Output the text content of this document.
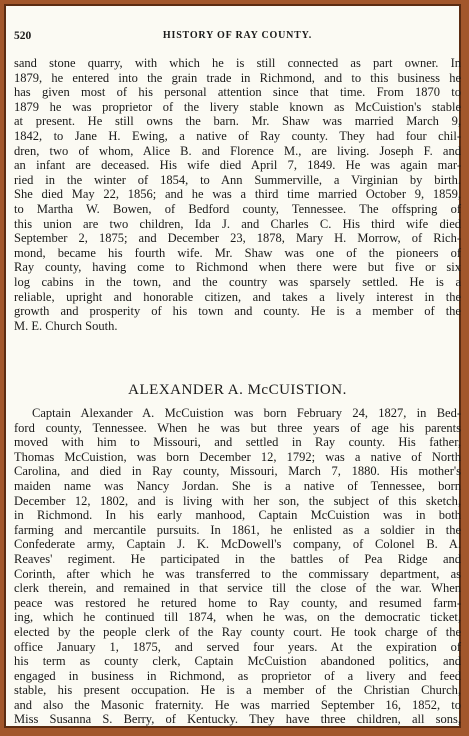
520	HISTORY OF RAY COUNTY.
sand stone quarry, with which he is still connected as part owner. In
1879, he entered into the grain trade in Richmond, and to this business he
has given most of his personal attention since that time. From 1870 to
1879 he was proprietor of the livery stable known as McCuistion's stable
at present. He still owns the barn. Mr. Shaw was married March 9,
1842, to Jane H. Ewing, a native of Ray county. They had four chil-
dren, two of whom, Alice B. and Florence M., are living. Joseph F. and
an infant are deceased. His wife died April 7, 1849. He was again mar-
ried in the winter of 1854, to Ann Summerville, a Virginian by birth.
She died May 22, 1856; and he was a third time married October 9, 1859,
to Martha W. Bowen, of Bedford county, Tennessee. The offspring of
this union are two children, Ida J. and Charles C. His third wife died
September 2, 1875; and December 23, 1878, Mary H. Morrow, of Rich-
mond, became his fourth wife. Mr. Shaw was one of the pioneers of
Ray county, having come to Richmond when there were but five or six
log cabins in the town, and the country was sparsely settled. He is a
reliable, upright and honorable citizen, and takes a lively interest in the
growth and prosperity of his town and county. He is a member of the
M. E. Church South.
ALEXANDER A. McCUISTION.
Captain Alexander A. McCuistion was born February 24, 1827, in Bed-
ford county, Tennessee. When he was but three years of age his parents
moved with him to Missouri, and settled in Ray county. His father,
Thomas McCuistion, was born December 12, 1792; was a native of North
Carolina, and died in Ray county, Missouri, March 7, 1880. His mother's
maiden name was Nancy Jordan. She is a native of Tennessee, born
December 12, 1802, and is living with her son, the subject of this sketch,
in Richmond. In his early manhood, Captain McCuistion was in both
farming and mercantile pursuits. In 1861, he enlisted as a soldier in the
Confederate army, Captain J. K. McDowell's company, of Colonel B. A.
Reaves' regiment. He participated in the battles of Pea Ridge and
Corinth, after which he was transferred to the commissary department, as
clerk therein, and remained in that service till the close of the war. When
peace was restored he retured home to Ray county, and resumed farm-
ing, which he continued till 1874, when he was, on the democratic ticket,
elected by the people clerk of the Ray county court. He took charge of the
office January 1, 1875, and served four years. At the expiration of
his term as county clerk, Captain McCuistion abandoned politics, and
engaged in business in Richmond, as proprietor of a livery and feed
stable, his present occupation. He is a member of the Christian Church,
and also the Masonic fraternity. He was married September 16, 1852, to
Miss Susanna S. Berry, of Kentucky. They have three children, all sons,
